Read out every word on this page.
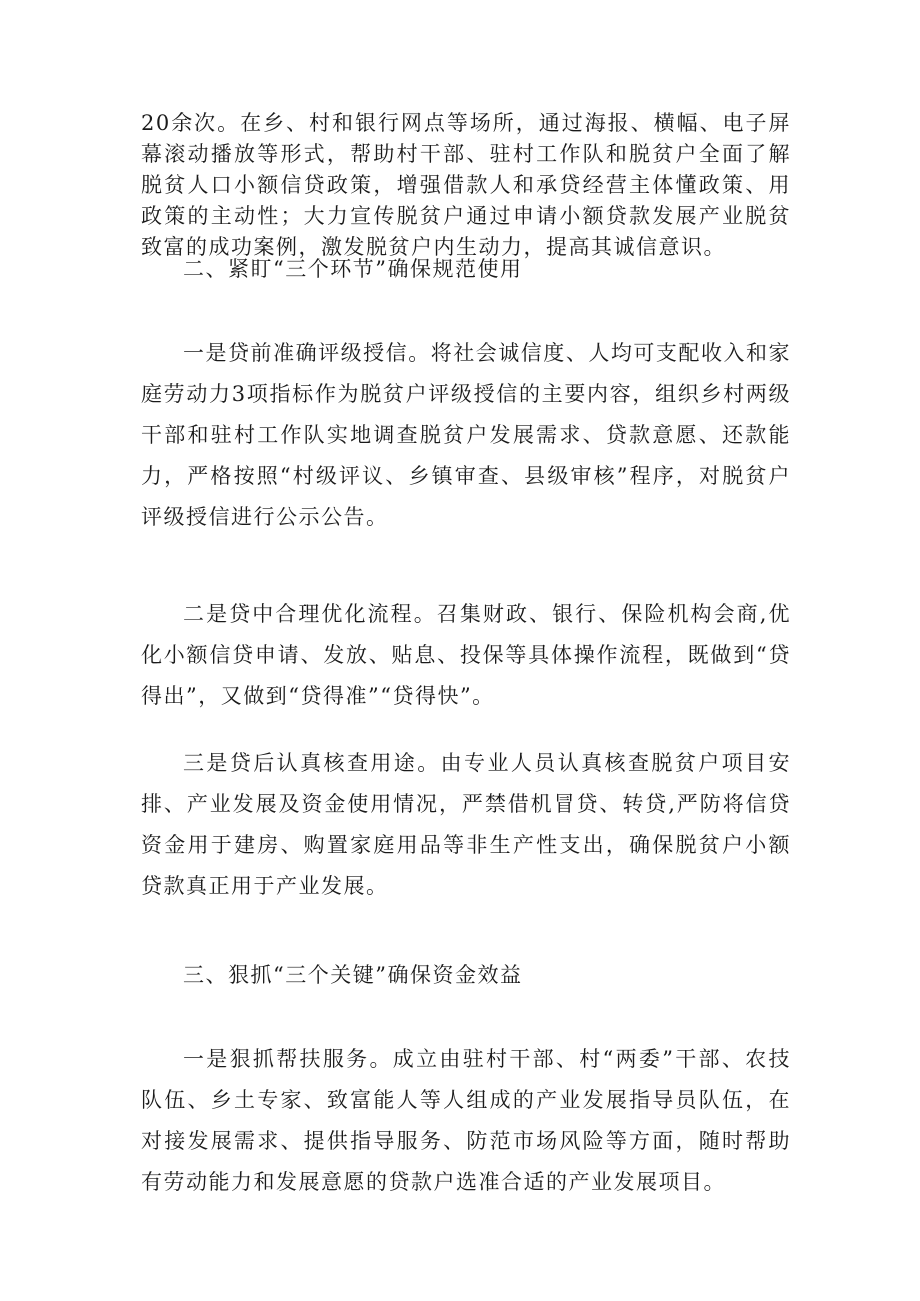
20余次。在乡、村和银行网点等场所，通过海报、横幅、电子屏幕滚动播放等形式，帮助村干部、驻村工作队和脱贫户全面了解脱贫人口小额信贷政策，增强借款人和承贷经营主体懂政策、用政策的主动性；大力宣传脱贫户通过申请小额贷款发展产业脱贫致富的成功案例，激发脱贫户内生动力，提高其诚信意识。

二、紧盯“三个环节”确保规范使用

一是贷前准确评级授信。将社会诚信度、人均可支配收入和家庭劳动力3项指标作为脱贫户评级授信的主要内容，组织乡村两级干部和驻村工作队实地调查脱贫户发展需求、贷款意愿、还款能力，严格按照“村级评议、乡镇审查、县级审核”程序，对脱贫户评级授信进行公示公告。

二是贷中合理优化流程。召集财政、银行、保险机构会商,优化小额信贷申请、发放、贴息、投保等具体操作流程，既做到“贷得出”，又做到“贷得准”“贷得快”。

三是贷后认真核查用途。由专业人员认真核查脱贫户项目安排、产业发展及资金使用情况，严禁借机冒贷、转贷,严防将信贷资金用于建房、购置家庭用品等非生产性支出，确保脱贫户小额贷款真正用于产业发展。

三、狠抓“三个关键”确保资金效益

一是狠抓帮扶服务。成立由驻村干部、村“两委”干部、农技队伍、乡土专家、致富能人等人组成的产业发展指导员队伍，在对接发展需求、提供指导服务、防范市场风险等方面，随时帮助有劳动能力和发展意愿的贷款户选准合适的产业发展项目。
